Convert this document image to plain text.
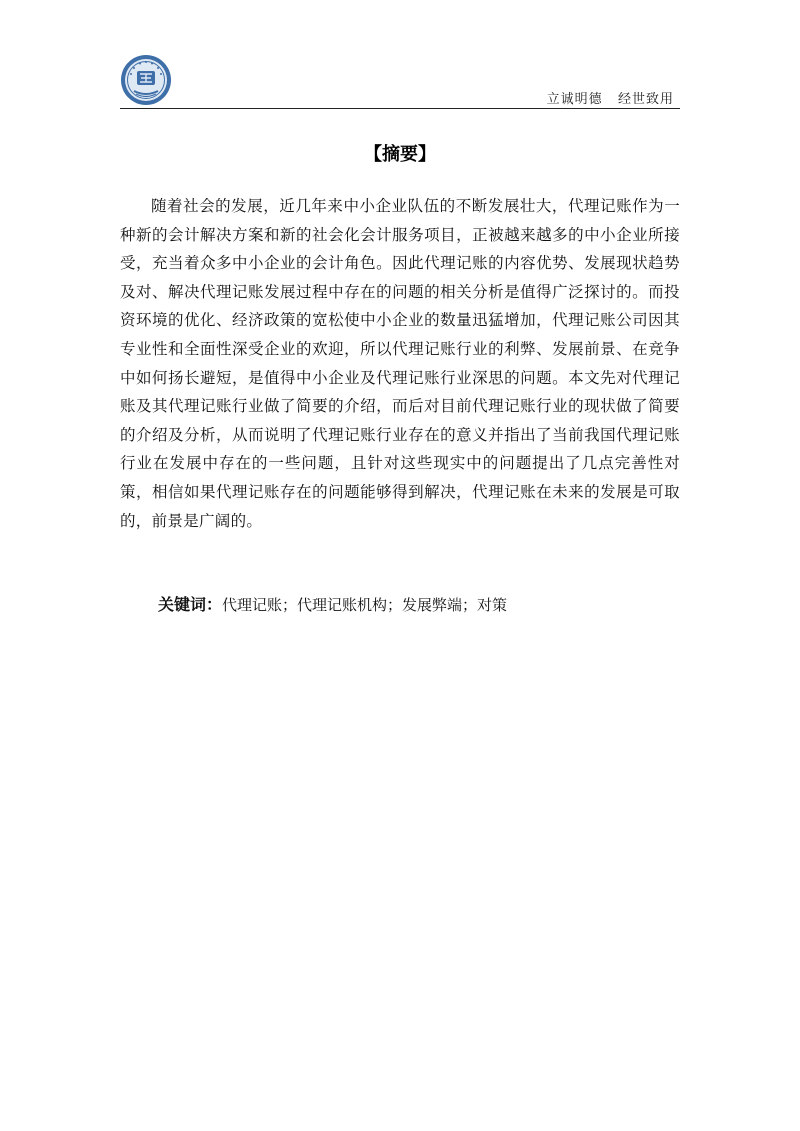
立诚明德   经世致用
【摘要】

随着社会的发展，近几年来中小企业队伍的不断发展壮大，代理记账作为一种新的会计解决方案和新的社会化会计服务项目，正被越来越多的中小企业所接受，充当着众多中小企业的会计角色。因此代理记账的内容优势、发展现状趋势及对、解决代理记账发展过程中存在的问题的相关分析是值得广泛探讨的。而投资环境的优化、经济政策的宽松使中小企业的数量迅猛增加，代理记账公司因其专业性和全面性深受企业的欢迎，所以代理记账行业的利弊、发展前景、在竞争中如何扬长避短，是值得中小企业及代理记账行业深思的问题。本文先对代理记账及其代理记账行业做了简要的介绍，而后对目前代理记账行业的现状做了简要的介绍及分析，从而说明了代理记账行业存在的意义并指出了当前我国代理记账行业在发展中存在的一些问题，且针对这些现实中的问题提出了几点完善性对策，相信如果代理记账存在的问题能够得到解决，代理记账在未来的发展是可取的，前景是广阔的。

关键词：代理记账；代理记账机构；发展弊端；对策
